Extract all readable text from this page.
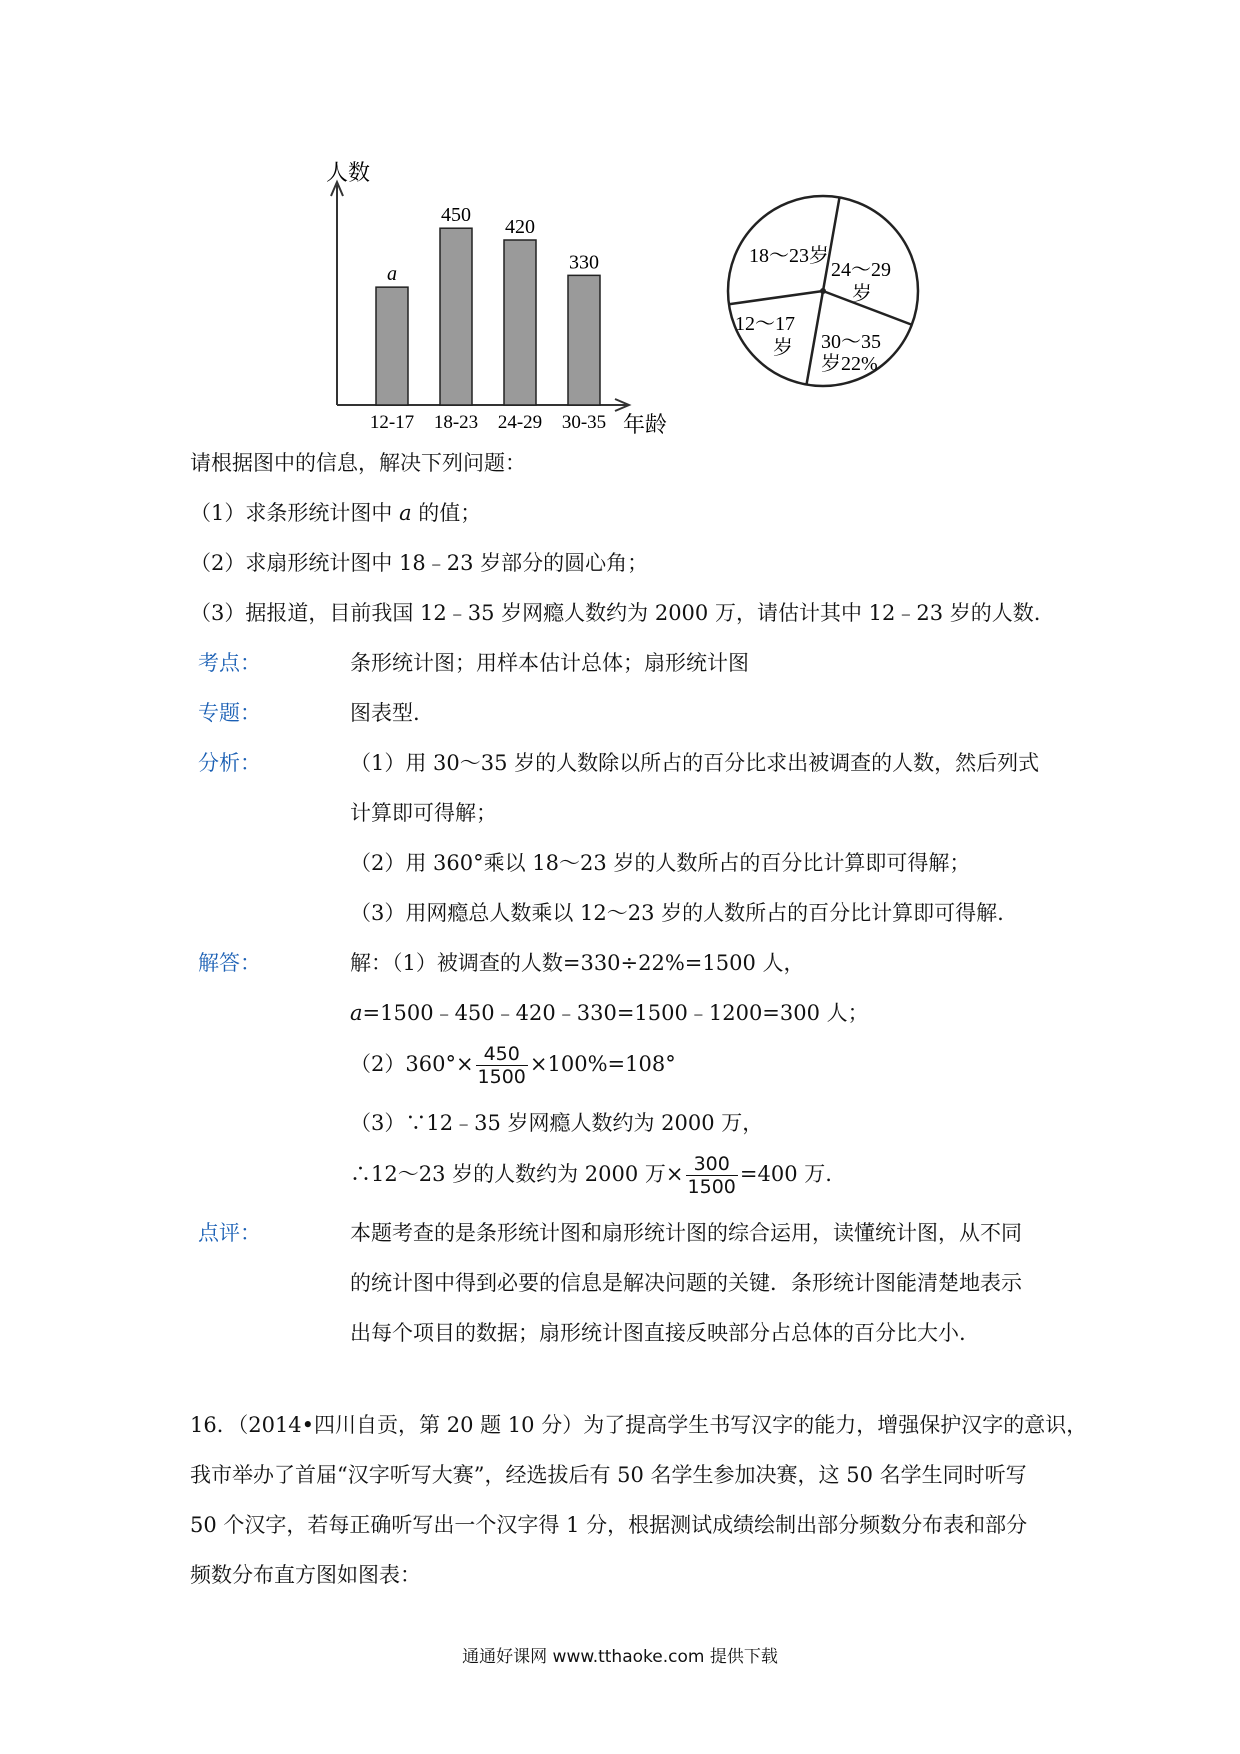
人数
年龄
a
12-17
450
18-23
420
24-29
330
30-35
18～23岁
24～29
岁
12～17
岁 30～35
岁22%
请根据图中的信息，解决下列问题：
（1）求条形统计图中 a 的值；
（2）求扇形统计图中 18﹣23 岁部分的圆心角；
（3）据报道，目前我国 12﹣35 岁网瘾人数约为 2000 万，请估计其中 12﹣23 岁的人数.
考点：	条形统计图；用样本估计总体；扇形统计图
专题：	图表型.
分析：	（1）用 30～35 岁的人数除以所占的百分比求出被调查的人数，然后列式
计算即可得解；
（2）用 360°乘以 18～23 岁的人数所占的百分比计算即可得解；
（3）用网瘾总人数乘以 12～23 岁的人数所占的百分比计算即可得解.
解答：	解：（1）被调查的人数=330÷22%=1500 人，
a=1500﹣450﹣420﹣330=1500﹣1200=300 人；
$(2)360^\circ\times \frac{450}{1500} \times 100\%=108^\circ$
（3）∵12﹣35 岁网瘾人数约为 2000 万，
∴12～23 岁的人数约为 2000 万× $\frac{300}{1500} =400$ 万.
点评：	本题考查的是条形统计图和扇形统计图的综合运用，读懂统计图，从不同
的统计图中得到必要的信息是解决问题的关键．条形统计图能清楚地表示
出每个项目的数据；扇形统计图直接反映部分占总体的百分比大小.
16．（2014•四川自贡，第 20 题 10 分）为了提高学生书写汉字的能力，增强保护汉字的意识，
我市举办了首届“汉字听写大赛”，经选拔后有 50 名学生参加决赛，这 50 名学生同时听写
50 个汉字，若每正确听写出一个汉字得 1 分，根据测试成绩绘制出部分频数分布表和部分
频数分布直方图如图表：
通通好课网 www.tthaoke.com 提供下载
